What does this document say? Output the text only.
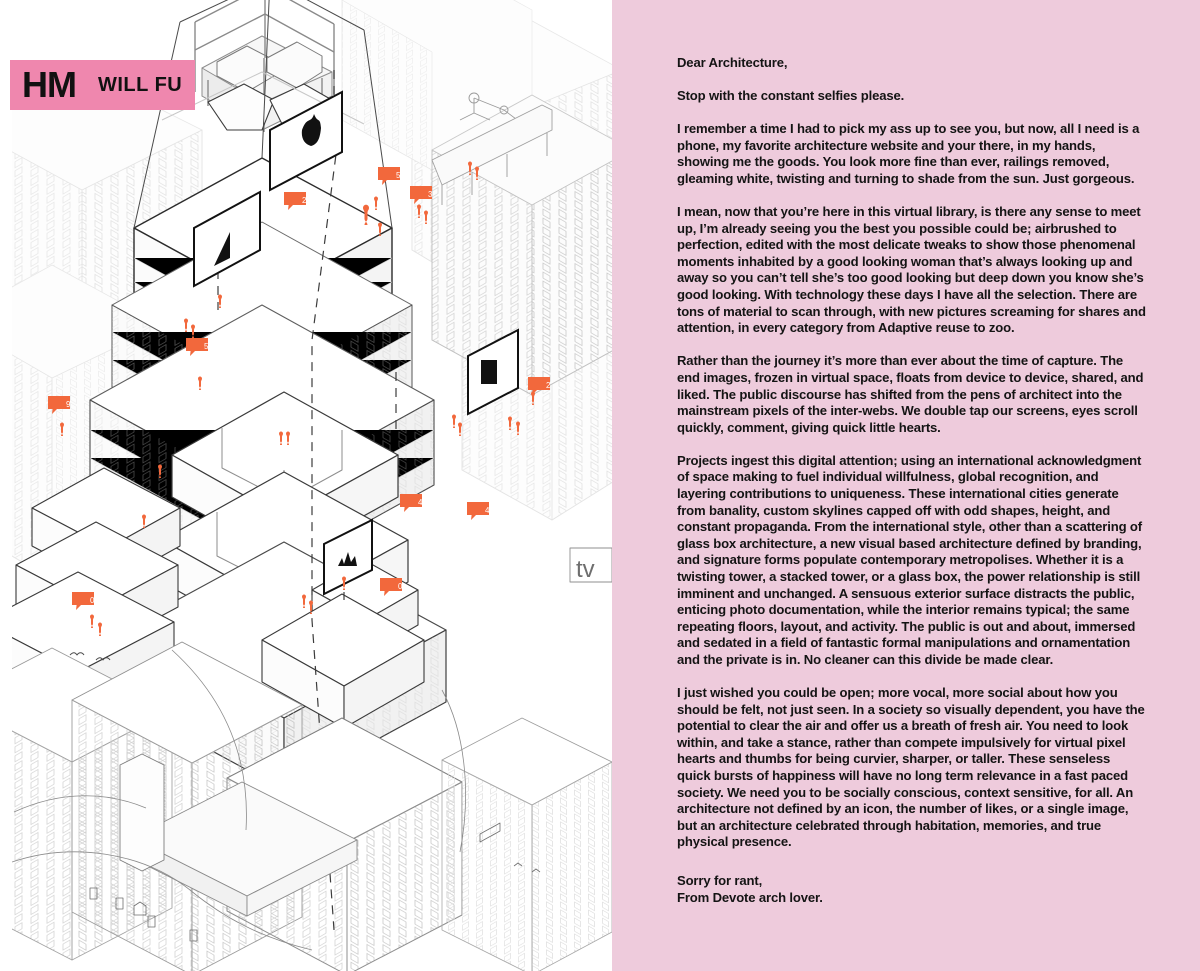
tv
5
3
2
2
4
4
5
9
0
0
HM WILL FU

Dear Architecture,

Stop with the constant selfies please.

I remember a time I had to pick my ass up to see you, but now, all I need is a phone, my favorite architecture website and your there, in my hands, showing me the goods. You look more fine than ever, railings removed, gleaming white, twisting and turning to shade from the sun. Just gorgeous.

I mean, now that you’re here in this virtual library, is there any sense to meet up, I’m already seeing you the best you possible could be; airbrushed to perfection, edited with the most delicate tweaks to show those phenomenal moments inhabited by a good looking woman that’s always looking up and away so you can’t tell she’s too good looking but deep down you know she’s good looking. With technology these days I have all the selection. There are tons of material to scan through, with new pictures screaming for shares and attention, in every category from Adaptive reuse to zoo.

Rather than the journey it’s more than ever about the time of capture. The end images, frozen in virtual space, floats from device to device, shared, and liked. The public discourse has shifted from the pens of architect into the mainstream pixels of the inter-webs. We double tap our screens, eyes scroll quickly, comment, giving quick little hearts.

Projects ingest this digital attention; using an international acknowledgment of space making to fuel individual willfulness, global recognition, and layering contributions to uniqueness. These international cities generate from banality, custom skylines capped off with odd shapes, height, and constant propaganda. From the international style, other than a scattering of glass box architecture, a new visual based architecture defined by branding, and signature forms populate contemporary metropolises. Whether it is a twisting tower, a stacked tower, or a glass box, the power relationship is still imminent and unchanged. A sensuous exterior surface distracts the public, enticing photo documentation, while the interior remains typical; the same repeating floors, layout, and activity. The public is out and about, immersed and sedated in a field of fantastic formal manipulations and ornamentation and the private is in. No cleaner can this divide be made clear.

I just wished you could be open; more vocal, more social about how you should be felt, not just seen. In a society so visually dependent, you have the potential to clear the air and offer us a breath of fresh air. You need to look within, and take a stance, rather than compete impulsively for virtual pixel hearts and thumbs for being curvier, sharper, or taller. These senseless quick bursts of happiness will have no long term relevance in a fast paced society. We need you to be socially conscious, context sensitive, for all. An architecture not defined by an icon, the number of likes, or a single image, but an architecture celebrated through habitation, memories, and true physical presence.

Sorry for rant,

From Devote arch lover.
